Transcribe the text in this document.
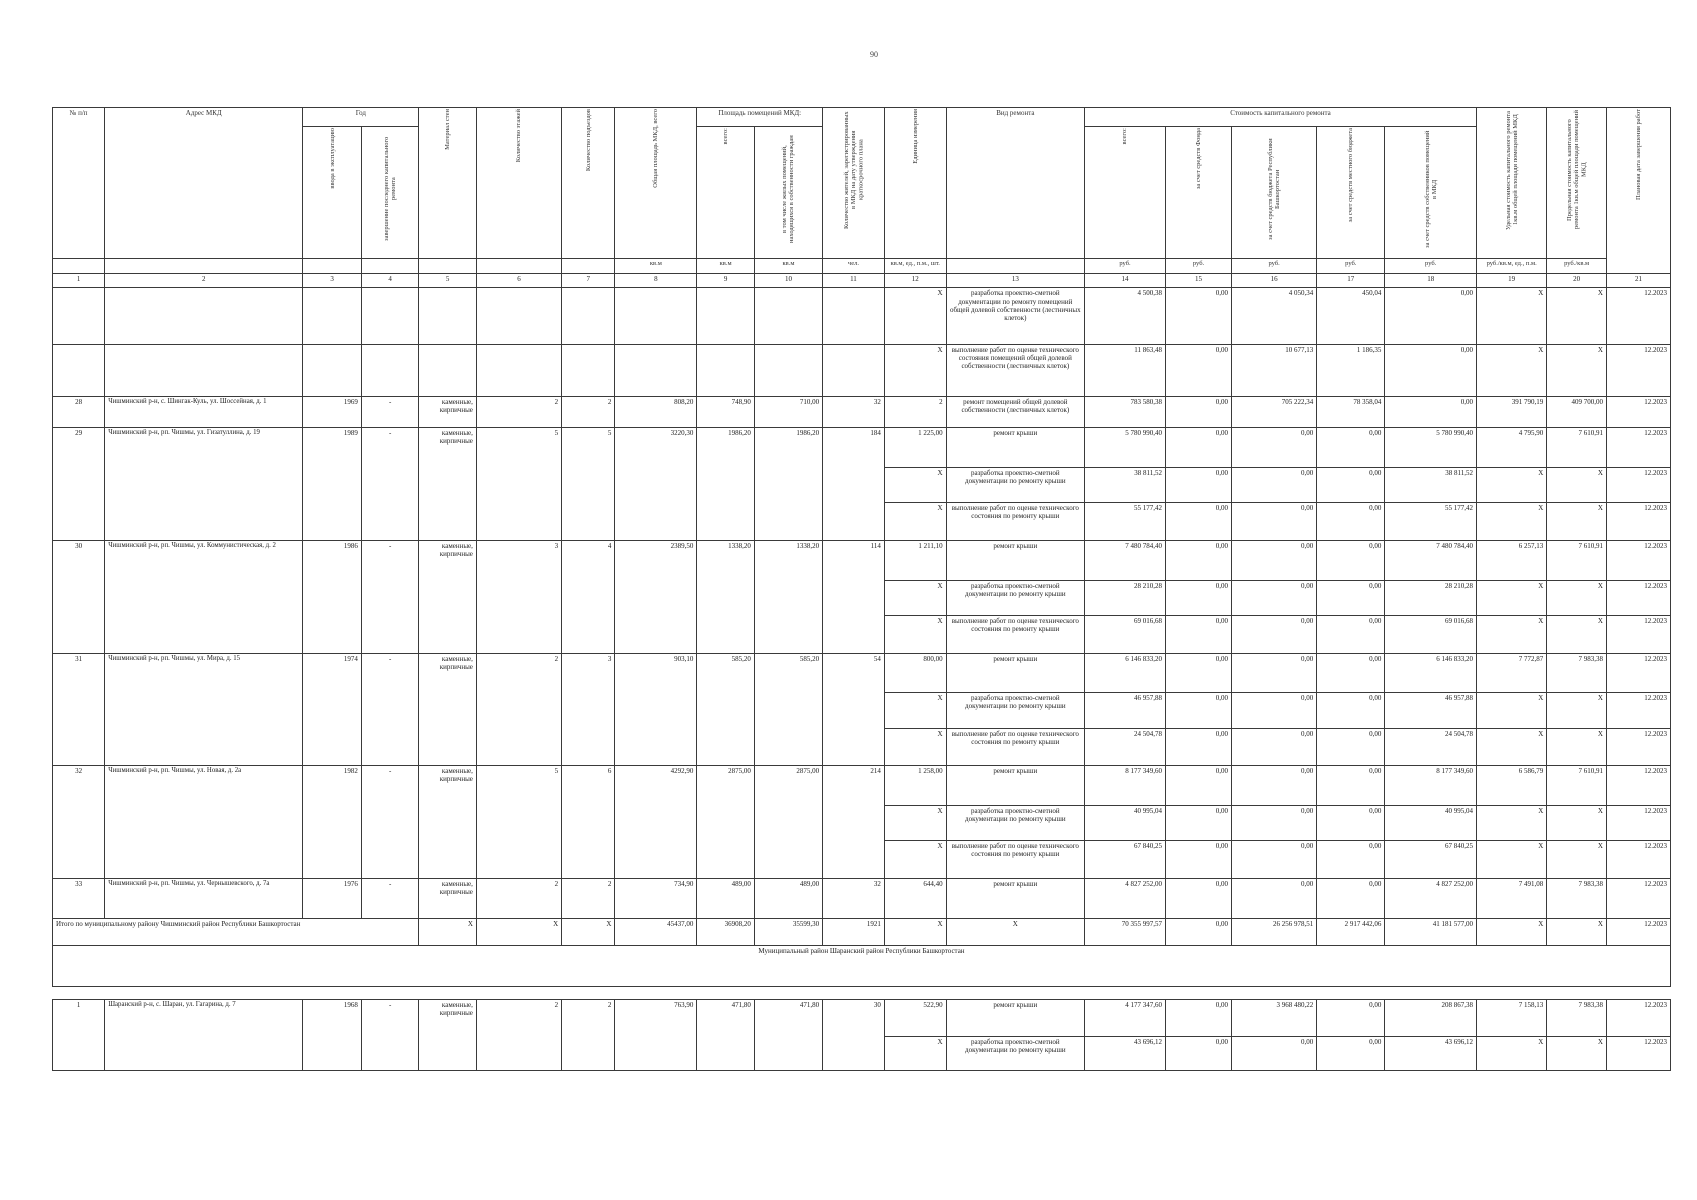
90
№ п/п	Адрес МКД	Год		Материал стен	Количество этажей	Количество подъездов	Общая площадь МКД, всего	Площадь помещений МКД:		Количество жителей, зарегистрированных в МКД на дату утверждения краткосрочного плана	Единица измерения	Вид ремонта	Стоимость капитального ремонта					Удельная стоимость капитального ремонта 1кв.м общей площади помещений МКД	Предельная стоимость капитального ремонта 1кв.м общей площади помещений МКД	Плановая дата завершения работ
		ввода в эксплуатацию	завершение последнего капитального ремонта					всего:	в том числе жилых помещений, находящихся в собственности граждан				всего:	за счет средств Фонда	за счет средств бюджета Республики Башкортостан	за счет средств местного бюджета	за счет средств собственников помещений в МКД			
							кв.м	кв.м	кв.м	чел.	кв.м, ед., п.м., шт.		руб.	руб.	руб.	руб.	руб.	руб./кв.м, ед., п.м.	руб./кв.м	
1	2	3	4	5	6	7	8	9	10	11	12	13	14	15	16	17	18	19	20	21
											Х	разработка проектно-сметной документации по ремонту помещений общей долевой собственности (лестничных клеток)	4 500,38	0,00	4 050,34	450,04	0,00	Х	Х	12.2023
											Х	выполнение работ по оценке технического состояния помещений общей долевой собственности (лестничных клеток)	11 863,48	0,00	10 677,13	1 186,35	0,00	Х	Х	12.2023
28	Чишминский р-н, с. Шингак-Куль, ул. Шоссейная, д. 1	1969	-	каменные, кирпичные	2	2	808,20	748,90	710,00	32	2	ремонт помещений общей долевой собственности (лестничных клеток)	783 580,38	0,00	705 222,34	78 358,04	0,00	391 790,19	409 700,00	12.2023
29	Чишминский р-н, рп. Чишмы, ул. Гизатуллина, д. 19	1989	-	каменные, кирпичные	5	5	3220,30	1986,20	1986,20	184	1 225,00	ремонт крыши	5 780 990,40	0,00	0,00	0,00	5 780 990,40	4 795,90	7 610,91	12.2023
											Х	разработка проектно-сметной документации по ремонту крыши	38 811,52	0,00	0,00	0,00	38 811,52	Х	Х	12.2023
											Х	выполнение работ по оценке технического состояния по ремонту крыши	55 177,42	0,00	0,00	0,00	55 177,42	Х	Х	12.2023
30	Чишминский р-н, рп. Чишмы, ул. Коммунистическая, д. 2	1986	-	каменные, кирпичные	3	4	2389,50	1338,20	1338,20	114	1 211,10	ремонт крыши	7 480 784,40	0,00	0,00	0,00	7 480 784,40	6 257,13	7 610,91	12.2023
											Х	разработка проектно-сметной документации по ремонту крыши	28 210,28	0,00	0,00	0,00	28 210,28	Х	Х	12.2023
											Х	выполнение работ по оценке технического состояния по ремонту крыши	69 016,68	0,00	0,00	0,00	69 016,68	Х	Х	12.2023
31	Чишминский р-н, рп. Чишмы, ул. Мира, д. 15	1974	-	каменные, кирпичные	2	3	903,10	585,20	585,20	54	800,00	ремонт крыши	6 146 833,20	0,00	0,00	0,00	6 146 833,20	7 772,87	7 983,38	12.2023
											Х	разработка проектно-сметной документации по ремонту крыши	46 957,88	0,00	0,00	0,00	46 957,88	Х	Х	12.2023
											Х	выполнение работ по оценке технического состояния по ремонту крыши	24 504,78	0,00	0,00	0,00	24 504,78	Х	Х	12.2023
32	Чишминский р-н, рп. Чишмы, ул. Новая, д. 2а	1982	-	каменные, кирпичные	5	6	4292,90	2875,00	2875,00	214	1 258,00	ремонт крыши	8 177 349,60	0,00	0,00	0,00	8 177 349,60	6 586,79	7 610,91	12.2023
											Х	разработка проектно-сметной документации по ремонту крыши	40 995,04	0,00	0,00	0,00	40 995,04	Х	Х	12.2023
											Х	выполнение работ по оценке технического состояния по ремонту крыши	67 840,25	0,00	0,00	0,00	67 840,25	Х	Х	12.2023
33	Чишминский р-н, рп. Чишмы, ул. Чернышевского, д. 7а	1976	-	каменные, кирпичные	2	2	734,90	489,00	489,00	32	644,40	ремонт крыши	4 827 252,00	0,00	0,00	0,00	4 827 252,00	7 491,08	7 983,38	12.2023
Итого по муниципальному району Чишминский район Республики Башкортостан				Х	Х	Х	45437,00	36908,20	35599,30	1921	Х	Х	70 355 997,57	0,00	26 256 978,51	2 917 442,06	41 181 577,00	Х	Х	12.2023
Муниципальный район Шаранский район Республики Башкортостан																				

1	Шаранский р-н, с. Шаран, ул. Гагарина, д. 7	1968	-	каменные, кирпичные	2	2	763,90	471,80	471,80	30	522,90	ремонт крыши	4 177 347,60	0,00	3 968 480,22	0,00	208 867,38	7 158,13	7 983,38	12.2023
											Х	разработка проектно-сметной документации по ремонту крыши	43 696,12	0,00	0,00	0,00	43 696,12	Х	Х	12.2023
